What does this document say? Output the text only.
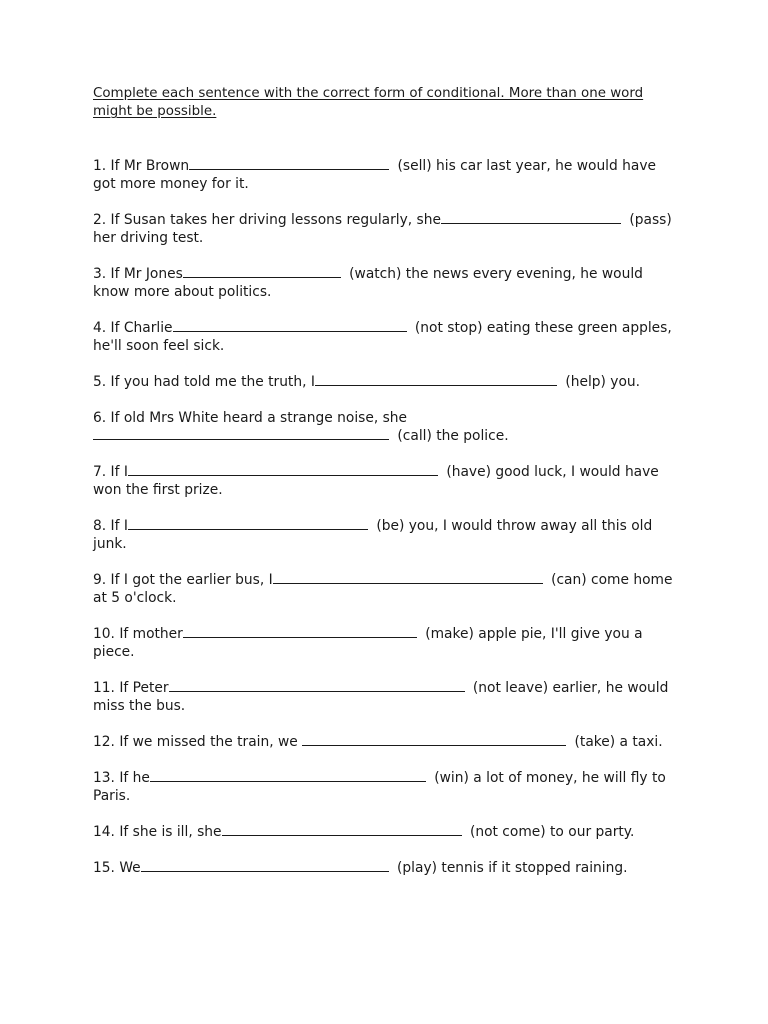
Complete each sentence with the correct form of conditional. More than one word might be possible.

1. If Mr Brown	(sell) his car last year, he would have got more money for it.
2. If Susan takes her driving lessons regularly, she	(pass) her driving test.
3. If Mr Jones	(watch) the news every evening, he would know more about politics.
4. If Charlie	(not stop) eating these green apples, he'll soon feel sick.
5. If you had told me the truth, I	(help) you.
6. If old Mrs White heard a strange noise, she (call) the police.
7. If I	(have) good luck, I would have won the first prize.
8. If I	(be) you, I would throw away all this old junk.
9. If I got the earlier bus, I	(can) come home at 5 o'clock.
10. If mother	(make) apple pie, I'll give you a piece.
11. If Peter	(not leave) earlier, he would miss the bus.
12. If we missed the train, we	(take) a taxi.
13. If he	(win) a lot of money, he will fly to Paris.
14. If she is ill, she	(not come) to our party.
15. We	(play) tennis if it stopped raining.
